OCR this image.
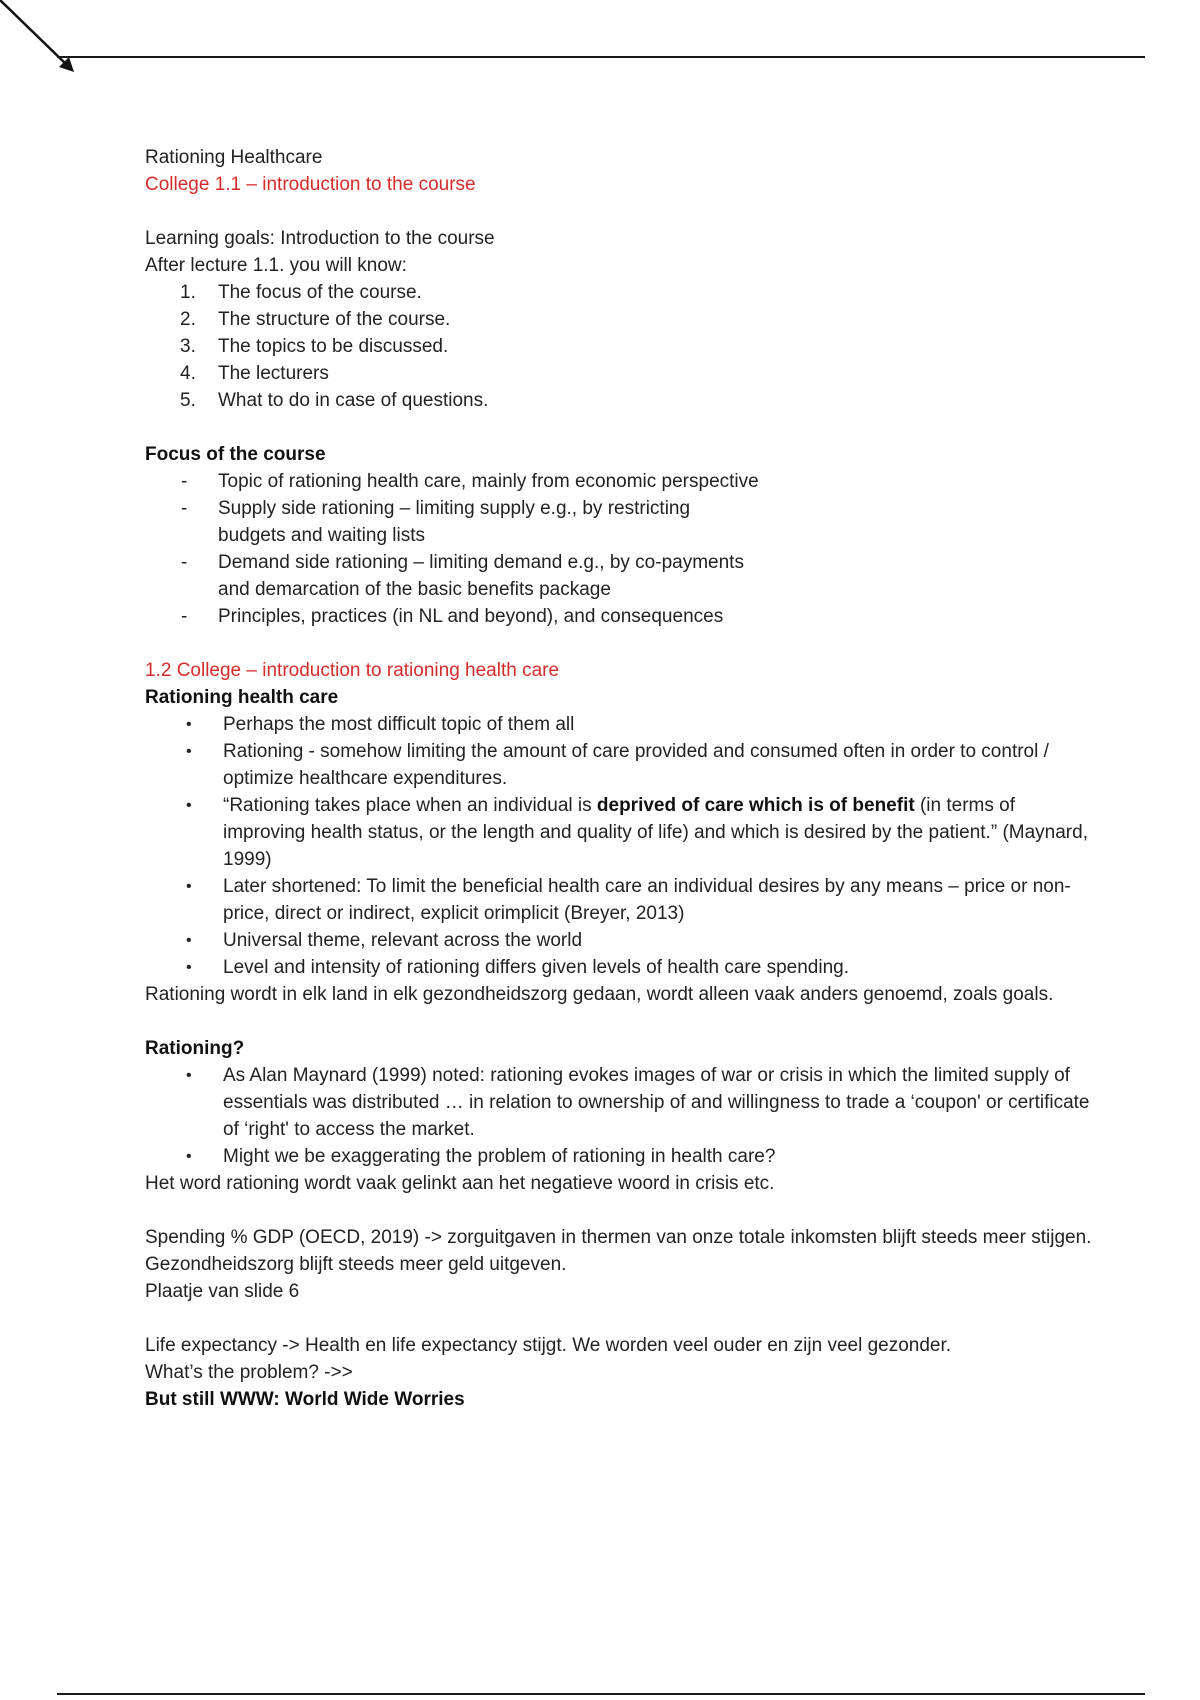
Rationing Healthcare

College 1.1 – introduction to the course

Learning goals: Introduction to the course

After lecture 1.1. you will know:

1. The focus of the course.
2. The structure of the course.
3. The topics to be discussed.
4. The lecturers
5. What to do in case of questions.

Focus of the course

- Topic of rationing health care, mainly from economic perspective
- Supply side rationing – limiting supply e.g., by restricting budgets and waiting lists
- Demand side rationing – limiting demand e.g., by co-payments and demarcation of the basic benefits package
- Principles, practices (in NL and beyond), and consequences

1.2 College – introduction to rationing health care

Rationing health care

• Perhaps the most difficult topic of them all
• Rationing - somehow limiting the amount of care provided and consumed often in order to control / optimize healthcare expenditures.
• “Rationing takes place when an individual is deprived of care which is of benefit (in terms of improving health status, or the length and quality of life) and which is desired by the patient.” (Maynard, 1999)
• Later shortened: To limit the beneficial health care an individual desires by any means – price or non-price, direct or indirect, explicit orimplicit (Breyer, 2013)
• Universal theme, relevant across the world
• Level and intensity of rationing differs given levels of health care spending.

Rationing wordt in elk land in elk gezondheidszorg gedaan, wordt alleen vaak anders genoemd, zoals goals.

Rationing?

• As Alan Maynard (1999) noted: rationing evokes images of war or crisis in which the limited supply of essentials was distributed … in relation to ownership of and willingness to trade a ‘coupon' or certificate of ‘right' to access the market.
• Might we be exaggerating the problem of rationing in health care?

Het word rationing wordt vaak gelinkt aan het negatieve woord in crisis etc.

Spending % GDP (OECD, 2019) -> zorguitgaven in thermen van onze totale inkomsten blijft steeds meer stijgen. Gezondheidszorg blijft steeds meer geld uitgeven.

Plaatje van slide 6

Life expectancy -> Health en life expectancy stijgt. We worden veel ouder en zijn veel gezonder.

What’s the problem? ->>

But still WWW: World Wide Worries
